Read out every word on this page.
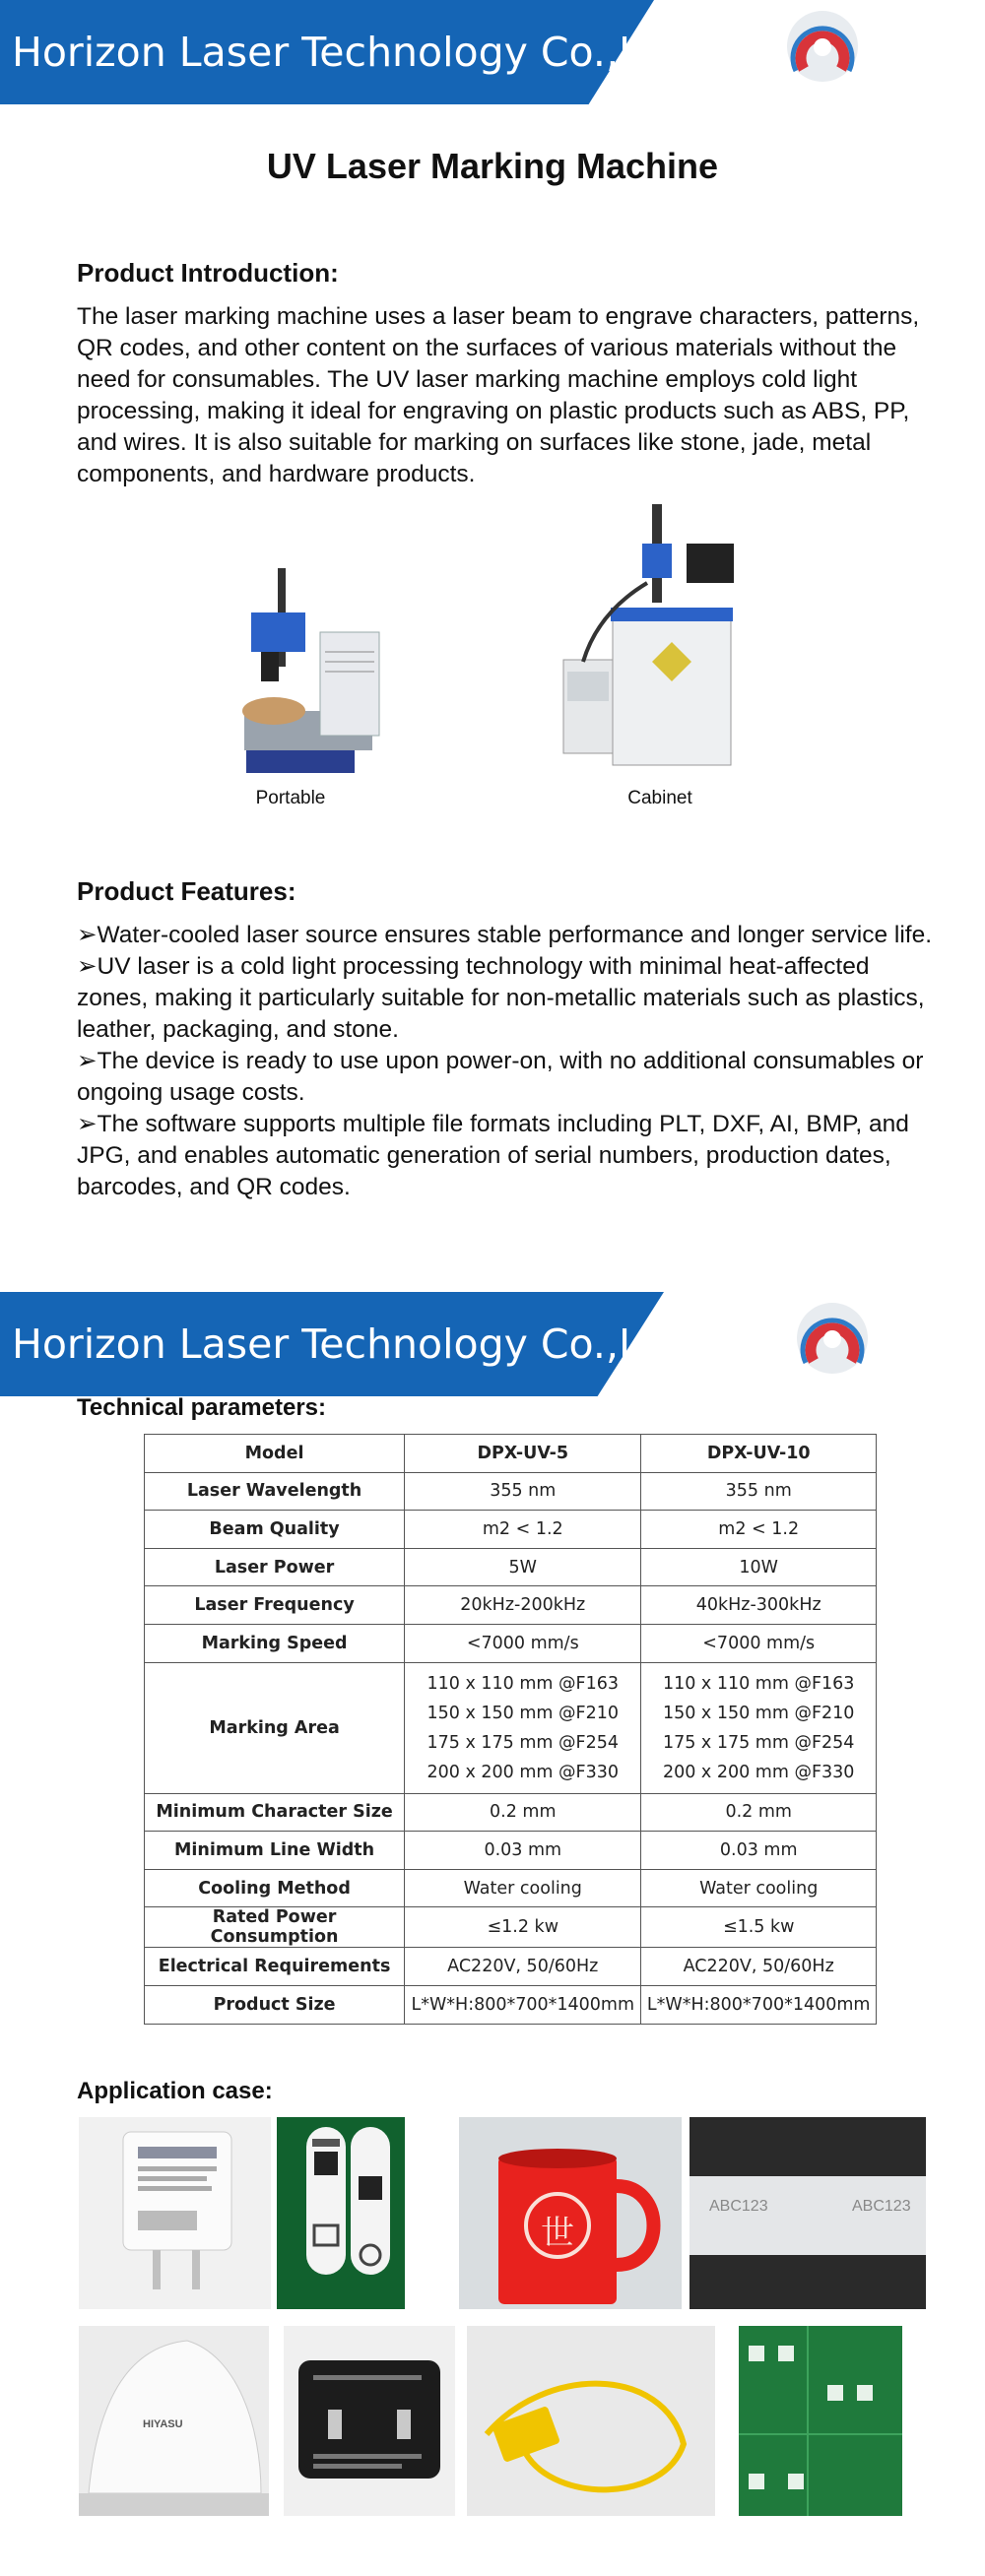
Horizon Laser Technology Co.,Ltd
UV Laser Marking Machine
Product Introduction:
The laser marking machine uses a laser beam to engrave characters, patterns, QR codes, and other content on the surfaces of various materials without the need for consumables. The UV laser marking machine employs cold light processing, making it ideal for engraving on plastic products such as ABS, PP, and wires. It is also suitable for marking on surfaces like stone, jade, metal components, and hardware products.
Portable	Cabinet
Product Features:

➢Water-cooled laser source ensures stable performance and longer service life.

➢UV laser is a cold light processing technology with minimal heat-affected zones, making it particularly suitable for non-metallic materials such as plastics, leather, packaging, and stone.

➢The device is ready to use upon power-on, with no additional consumables or ongoing usage costs.

➢The software supports multiple file formats including PLT, DXF, AI, BMP, and JPG, and enables automatic generation of serial numbers, production dates, barcodes, and QR codes.

Horizon Laser Technology Co.,Ltd
Technical parameters:
Model	DPX-UV-5	DPX-UV-10
Laser Wavelength	355 nm	355 nm
Beam Quality	m2 < 1.2	m2 < 1.2
Laser Power	5W	10W
Laser Frequency	20kHz-200kHz	40kHz-300kHz
Marking Speed	<7000 mm/s	<7000 mm/s
Marking Area	110 x 110 mm @F163
150 x 150 mm @F210
175 x 175 mm @F254
200 x 200 mm @F330	110 x 110 mm @F163
150 x 150 mm @F210
175 x 175 mm @F254
200 x 200 mm @F330
Minimum Character Size	0.2 mm	0.2 mm
Minimum Line Width	0.03 mm	0.03 mm
Cooling Method	Water cooling	Water cooling
Rated Power Consumption	≤1.2 kw	≤1.5 kw
Electrical Requirements	AC220V, 50/60Hz	AC220V, 50/60Hz
Product Size	L*W*H:800*700*1400mm	L*W*H:800*700*1400mm
Application case:
世
ABC123	ABC123
HIYASU
